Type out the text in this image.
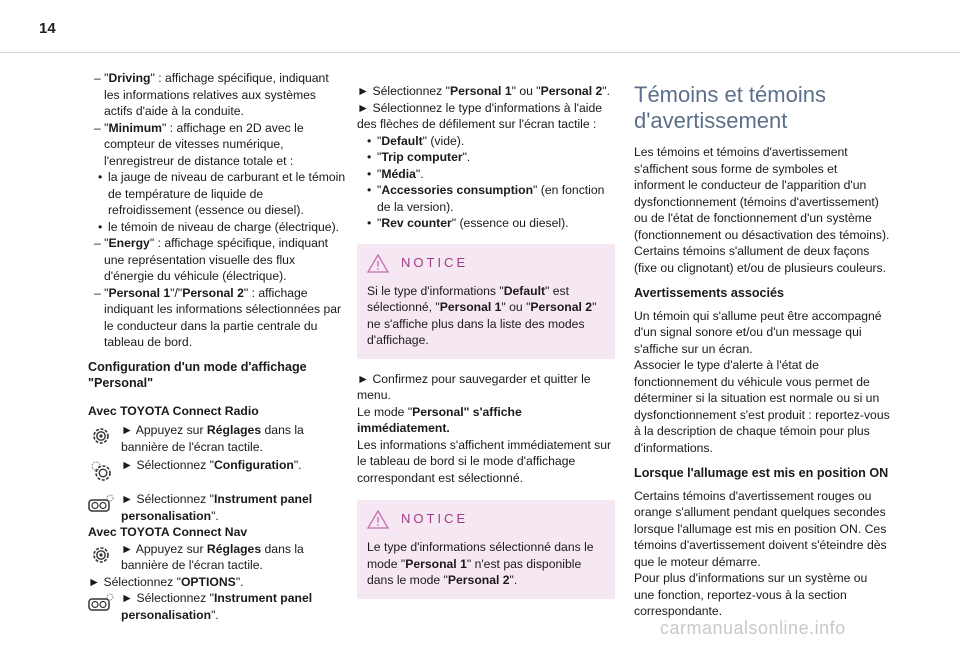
14

– "Driving" : affichage spécifique, indiquant les informations relatives aux systèmes actifs d'aide à la conduite.

– "Minimum" : affichage en 2D avec le compteur de vitesses numérique, l'enregistreur de distance totale et :

• la jauge de niveau de carburant et le témoin de température de liquide de refroidissement (essence ou diesel).

• le témoin de niveau de charge (électrique).

– "Energy" : affichage spécifique, indiquant une représentation visuelle des flux d'énergie du véhicule (électrique).

– "Personal 1"/"Personal 2" : affichage indiquant les informations sélectionnées par le conducteur dans la partie centrale du tableau de bord.

Configuration d'un mode d'affichage "Personal"

Avec TOYOTA Connect Radio

► Appuyez sur Réglages dans la bannière de l'écran tactile.

► Sélectionnez "Configuration".

► Sélectionnez "Instrument panel personalisation".

Avec TOYOTA Connect Nav

► Appuyez sur Réglages dans la bannière de l'écran tactile.

► Sélectionnez "OPTIONS".

► Sélectionnez "Instrument panel personalisation".

► Sélectionnez "Personal 1" ou "Personal 2".

► Sélectionnez le type d'informations à l'aide des flèches de défilement sur l'écran tactile :

• "Default" (vide).

• "Trip computer".

• "Média".

• "Accessories consumption" (en fonction de la version).

• "Rev counter" (essence ou diesel).

NOTICE

Si le type d'informations "Default" est sélectionné, "Personal 1" ou "Personal 2" ne s'affiche plus dans la liste des modes d'affichage.

► Confirmez pour sauvegarder et quitter le menu.

Le mode "Personal" s'affiche immédiatement.

Les informations s'affichent immédiatement sur le tableau de bord si le mode d'affichage correspondant est sélectionné.

NOTICE

Le type d'informations sélectionné dans le mode "Personal 1" n'est pas disponible dans le mode "Personal 2".

Témoins et témoins d'avertissement

Les témoins et témoins d'avertissement s'affichent sous forme de symboles et informent le conducteur de l'apparition d'un dysfonctionnement (témoins d'avertissement) ou de l'état de fonctionnement d'un système (fonctionnement ou désactivation des témoins). Certains témoins s'allument de deux façons (fixe ou clignotant) et/ou de plusieurs couleurs.

Avertissements associés

Un témoin qui s'allume peut être accompagné d'un signal sonore et/ou d'un message qui s'affiche sur un écran.

Associer le type d'alerte à l'état de fonctionnement du véhicule vous permet de déterminer si la situation est normale ou si un dysfonctionnement s'est produit : reportez-vous à la description de chaque témoin pour plus d'informations.

Lorsque l'allumage est mis en position ON

Certains témoins d'avertissement rouges ou orange s'allument pendant quelques secondes lorsque l'allumage est mis en position ON. Ces témoins d'avertissement doivent s'éteindre dès que le moteur démarre.

Pour plus d'informations sur un système ou une fonction, reportez-vous à la section correspondante.

carmanualsonline.info
